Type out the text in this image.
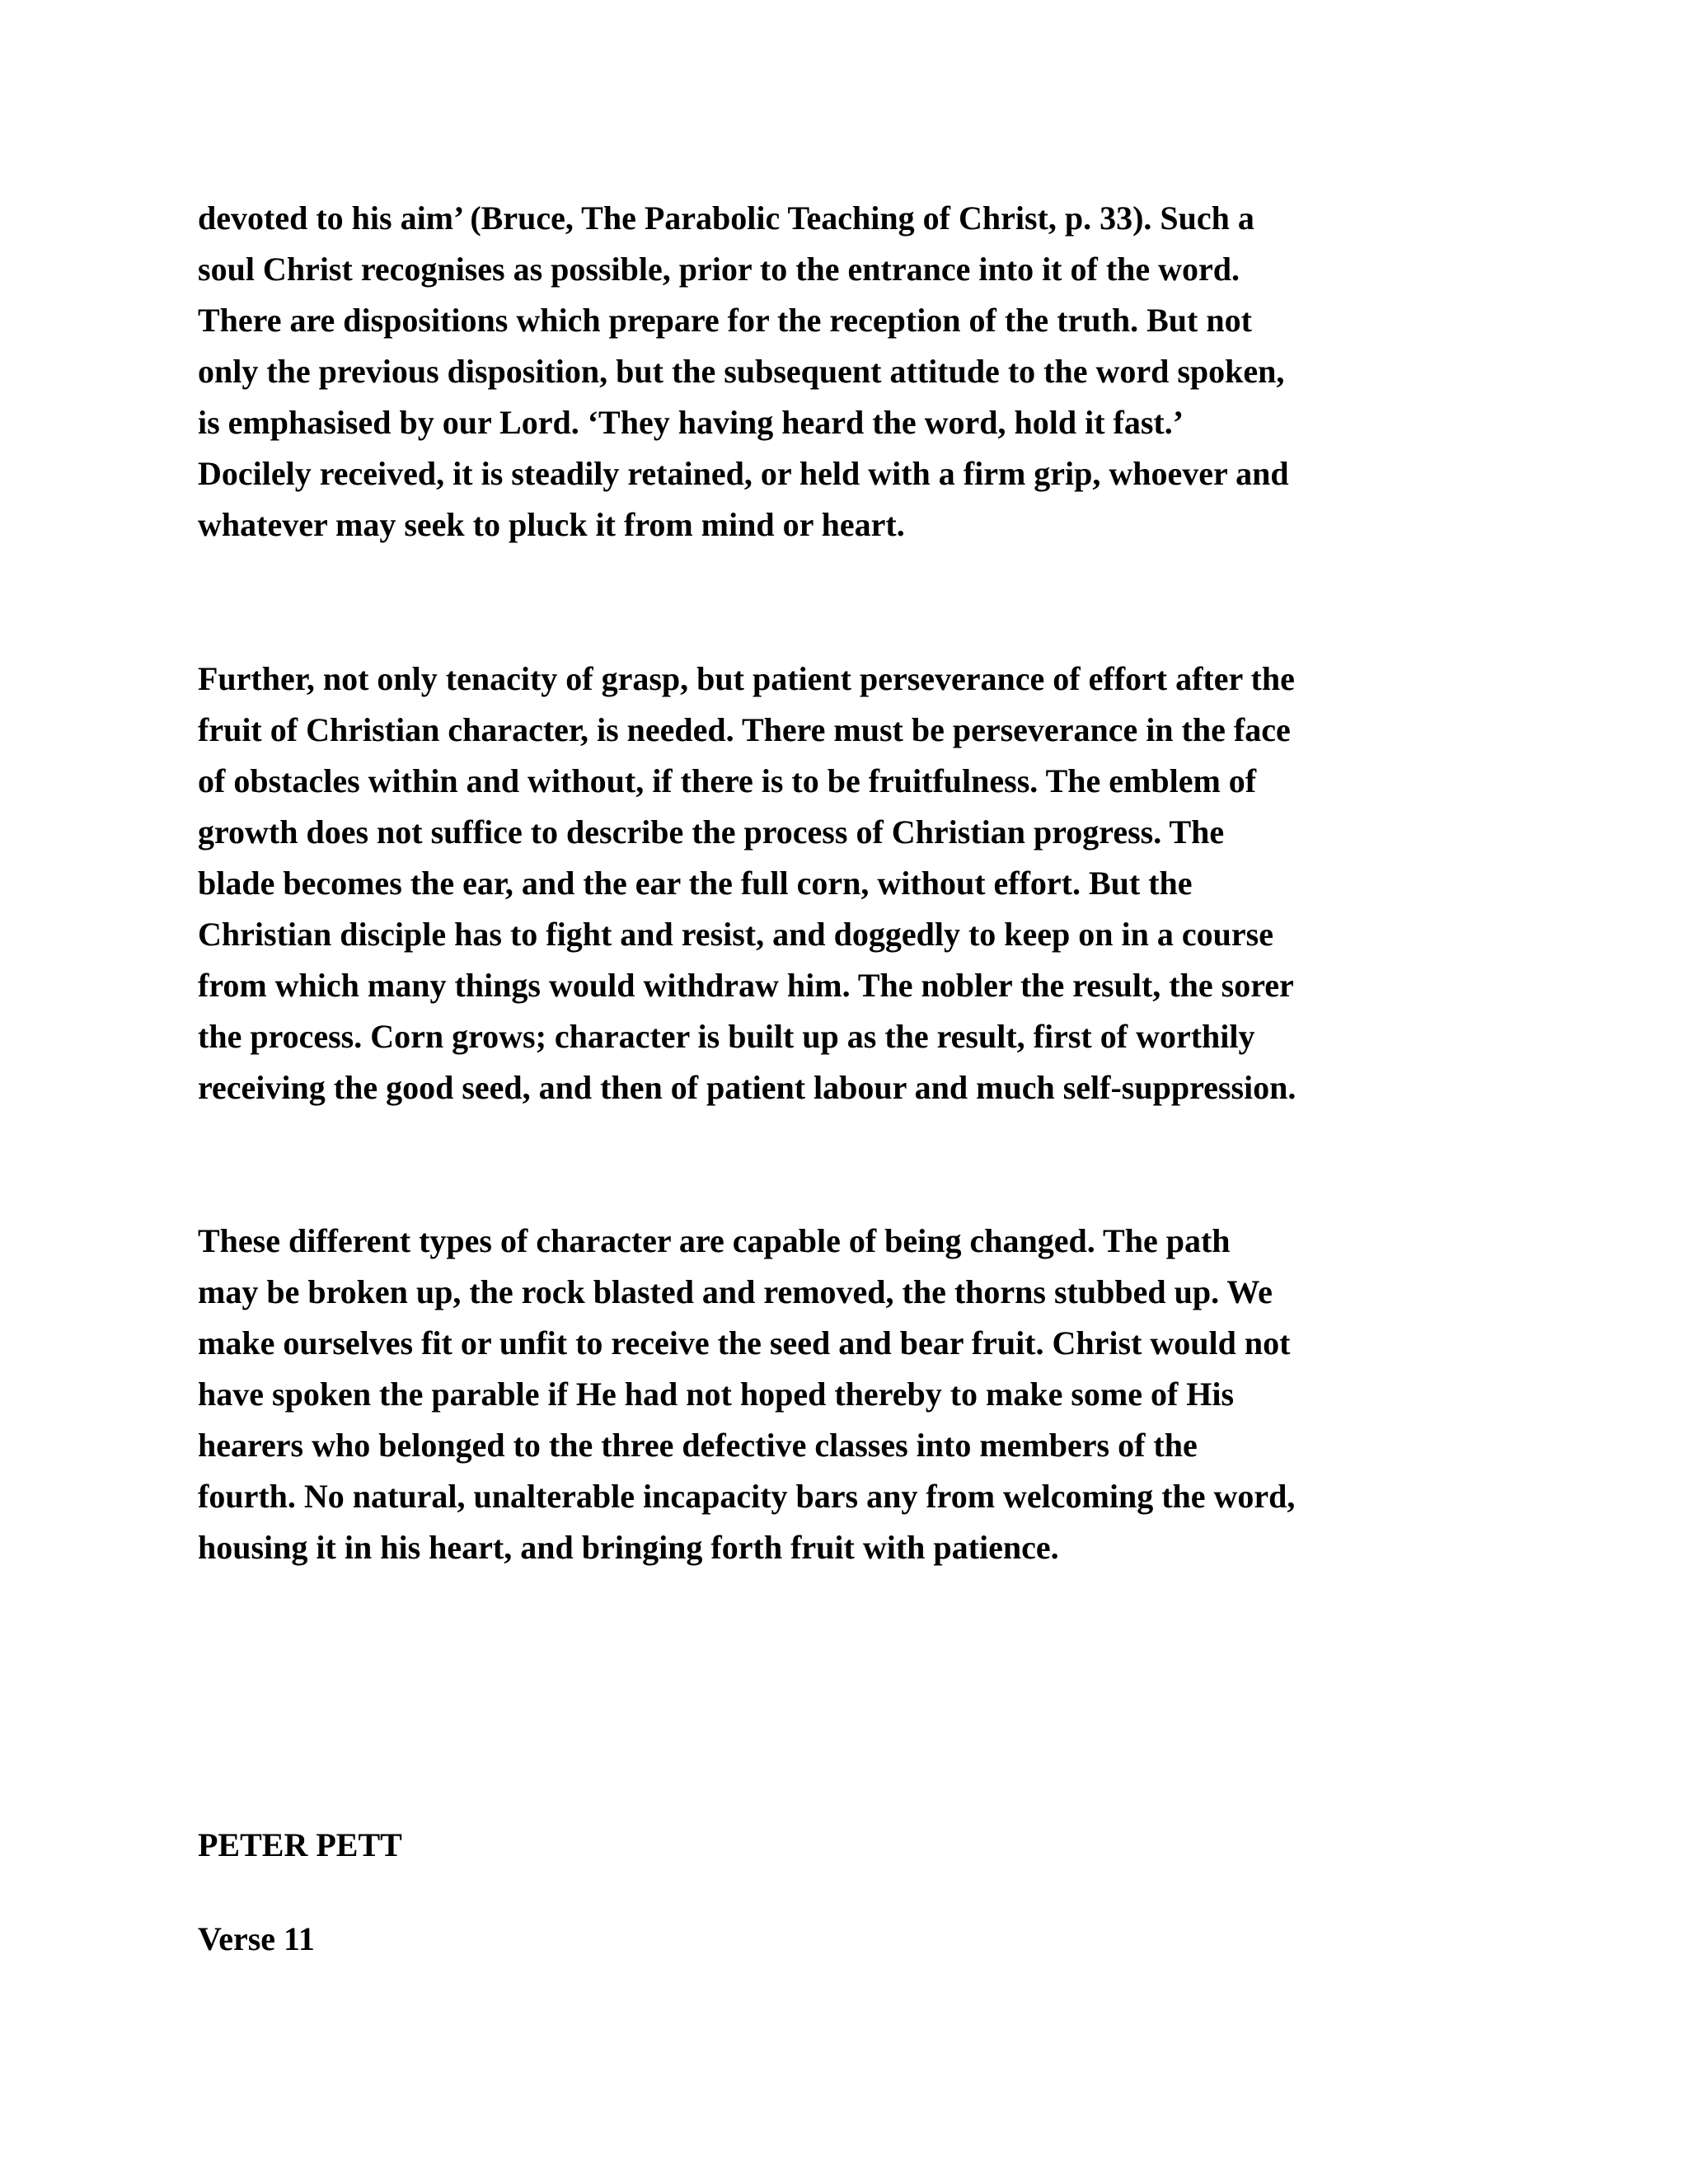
devoted to his aim’ (Bruce, The Parabolic Teaching of Christ, p. 33). Such a
soul Christ recognises as possible, prior to the entrance into it of the word.
There are dispositions which prepare for the reception of the truth. But not
only the previous disposition, but the subsequent attitude to the word spoken,
is emphasised by our Lord. ‘They having heard the word, hold it fast.’
Docilely received, it is steadily retained, or held with a firm grip, whoever and
whatever may seek to pluck it from mind or heart.
Further, not only tenacity of grasp, but patient perseverance of effort after the
fruit of Christian character, is needed. There must be perseverance in the face
of obstacles within and without, if there is to be fruitfulness. The emblem of
growth does not suffice to describe the process of Christian progress. The
blade becomes the ear, and the ear the full corn, without effort. But the
Christian disciple has to fight and resist, and doggedly to keep on in a course
from which many things would withdraw him. The nobler the result, the sorer
the process. Corn grows; character is built up as the result, first of worthily
receiving the good seed, and then of patient labour and much self-suppression.
These different types of character are capable of being changed. The path
may be broken up, the rock blasted and removed, the thorns stubbed up. We
make ourselves fit or unfit to receive the seed and bear fruit. Christ would not
have spoken the parable if He had not hoped thereby to make some of His
hearers who belonged to the three defective classes into members of the
fourth. No natural, unalterable incapacity bars any from welcoming the word,
housing it in his heart, and bringing forth fruit with patience.
PETER PETT
Verse 11
